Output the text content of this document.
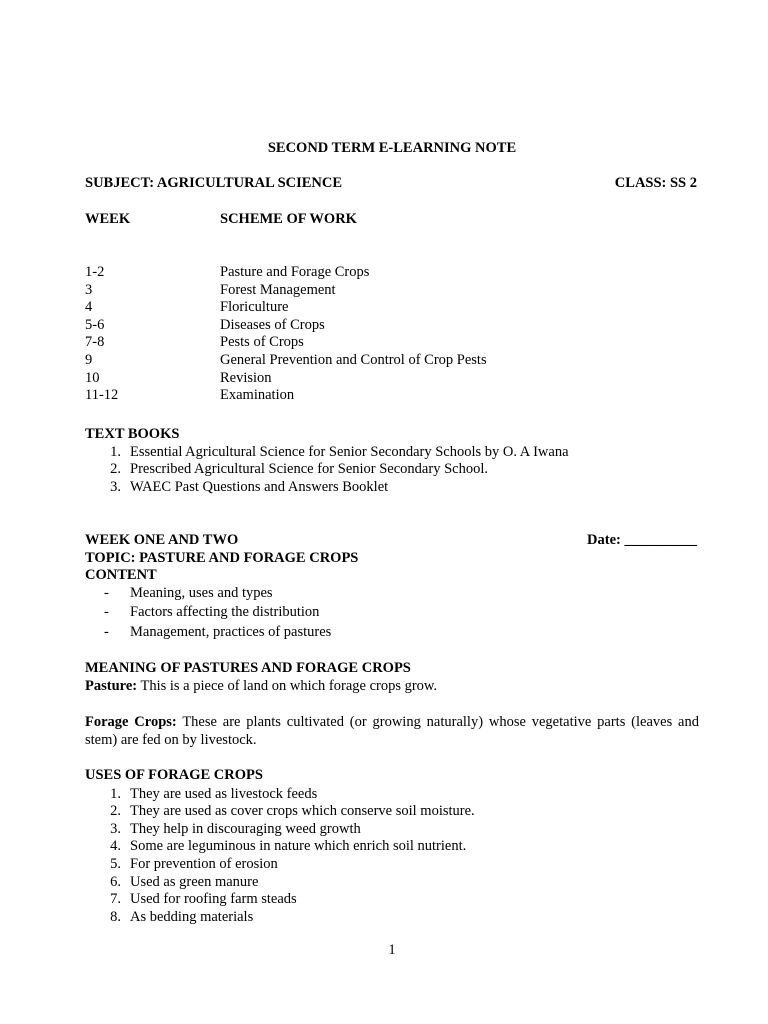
SECOND TERM E-LEARNING NOTE
SUBJECT: AGRICULTURAL SCIENCE	CLASS: SS 2
WEEK	SCHEME OF WORK
1-2	Pasture and Forage Crops
3	Forest Management
4	Floriculture
5-6	Diseases of Crops
7-8	Pests of Crops
9	General Prevention and Control of Crop Pests
10	Revision
11-12	Examination
TEXT BOOKS
1. Essential Agricultural Science for Senior Secondary Schools by O. A Iwana
2. Prescribed Agricultural Science for Senior Secondary School.
3. WAEC Past Questions and Answers Booklet
WEEK ONE AND TWO	Date: __________
TOPIC: PASTURE AND FORAGE CROPS
CONTENT
- Meaning, uses and types
- Factors affecting the distribution
- Management, practices of pastures
MEANING OF PASTURES AND FORAGE CROPS
Pasture: This is a piece of land on which forage crops grow.
Forage Crops: These are plants cultivated (or growing naturally) whose vegetative parts (leaves and stem) are fed on by livestock.
USES OF FORAGE CROPS
1. They are used as livestock feeds
2. They are used as cover crops which conserve soil moisture.
3. They help in discouraging weed growth
4. Some are leguminous in nature which enrich soil nutrient.
5. For prevention of erosion
6. Used as green manure
7. Used for roofing farm steads
8. As bedding materials
1
